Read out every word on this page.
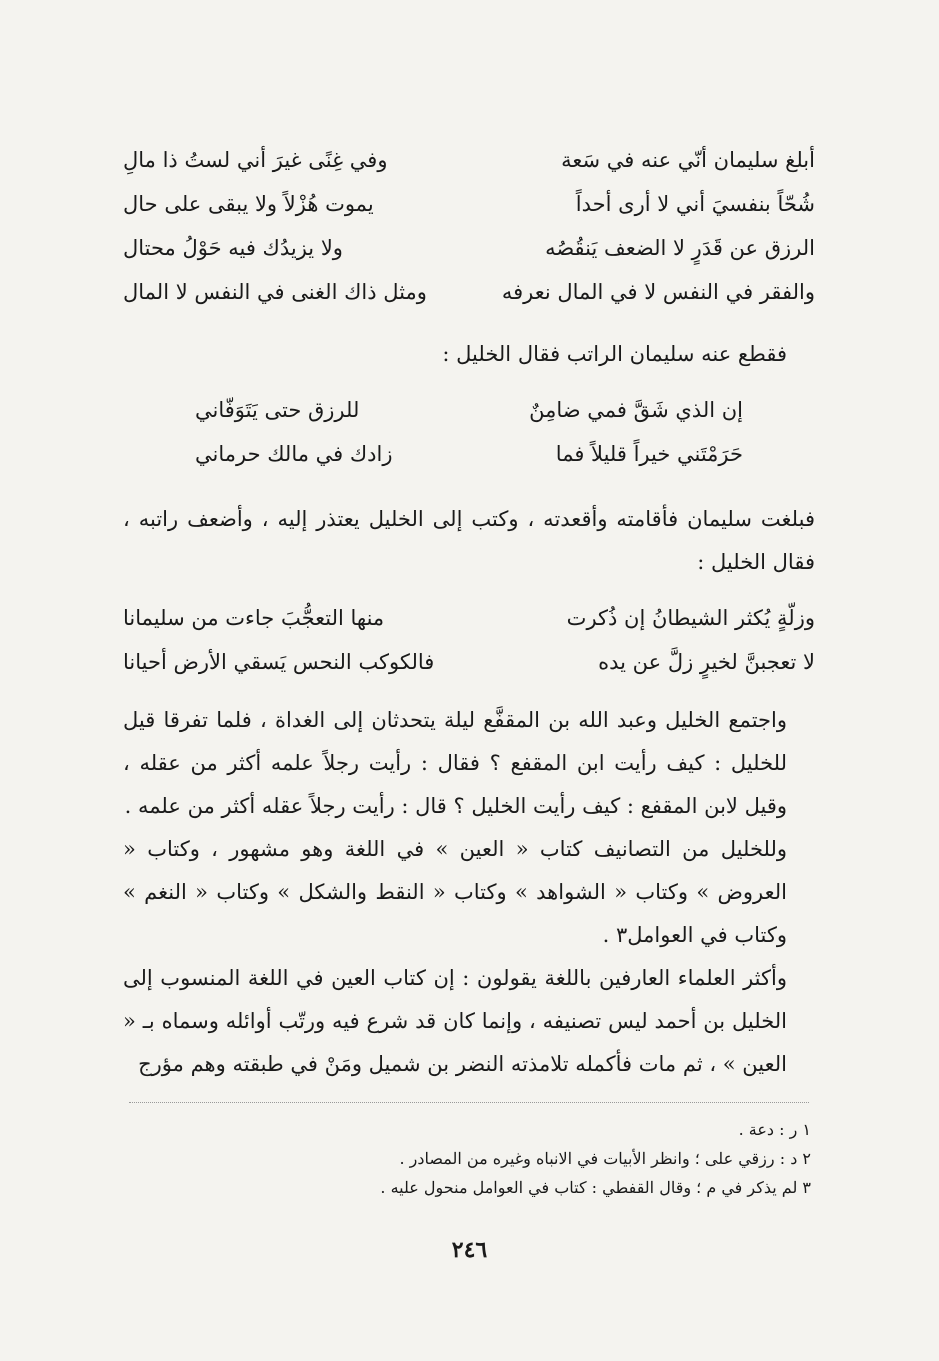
أبلغ سليمان أنّي عنه في سَعة
وفي غِنًى غيرَ أني لستُ ذا مالِ
شُحّاً بنفسيَ أني لا أرى أحداً
يموت هُزْلاً ولا يبقى على حال
الرزق عن قَدَرٍ لا الضعف يَنقُصُه
ولا يزيدُك فيه حَوْلُ محتال
والفقر في النفس لا في المال نعرفه
ومثل ذاك الغنى في النفس لا المال

فقطع عنه سليمان الراتب فقال الخليل :

إن الذي شَقَّ فمي ضامِنٌ
للرزق حتى يَتَوَفّاني
حَرَمْتَني خيراً قليلاً فما
زادك في مالك حرماني

فبلغت سليمان فأقامته وأقعدته ، وكتب إلى الخليل يعتذر إليه ، وأضعف راتبه ، فقال الخليل :

وزلّةٍ يُكثر الشيطانُ إن ذُكرت
منها التعجُّبَ جاءت من سليمانا
لا تعجبنَّ لخيرٍ زلَّ عن يده
فالكوكب النحس يَسقي الأرض أحيانا

واجتمع الخليل وعبد الله بن المقفَّع ليلة يتحدثان إلى الغداة ، فلما تفرقا قيل للخليل : كيف رأيت ابن المقفع ؟ فقال : رأيت رجلاً علمه أكثر من عقله ، وقيل لابن المقفع : كيف رأيت الخليل ؟ قال : رأيت رجلاً عقله أكثر من علمه .

وللخليل من التصانيف كتاب « العين » في اللغة وهو مشهور ، وكتاب « العروض » وكتاب « الشواهد » وكتاب « النقط والشكل » وكتاب « النغم » وكتاب في العوامل٣ .

وأكثر العلماء العارفين باللغة يقولون : إن كتاب العين في اللغة المنسوب إلى الخليل بن أحمد ليس تصنيفه ، وإنما كان قد شرع فيه ورتّب أوائله وسماه بـ « العين » ، ثم مات فأكمله تلامذته النضر بن شميل ومَنْ في طبقته وهم مؤرج

١ ر : دعة .
٢ د : رزقي على ؛ وانظر الأبيات في الانباه وغيره من المصادر .
٣ لم يذكر في م ؛ وقال القفطي : كتاب في العوامل منحول عليه .
٢٤٦
